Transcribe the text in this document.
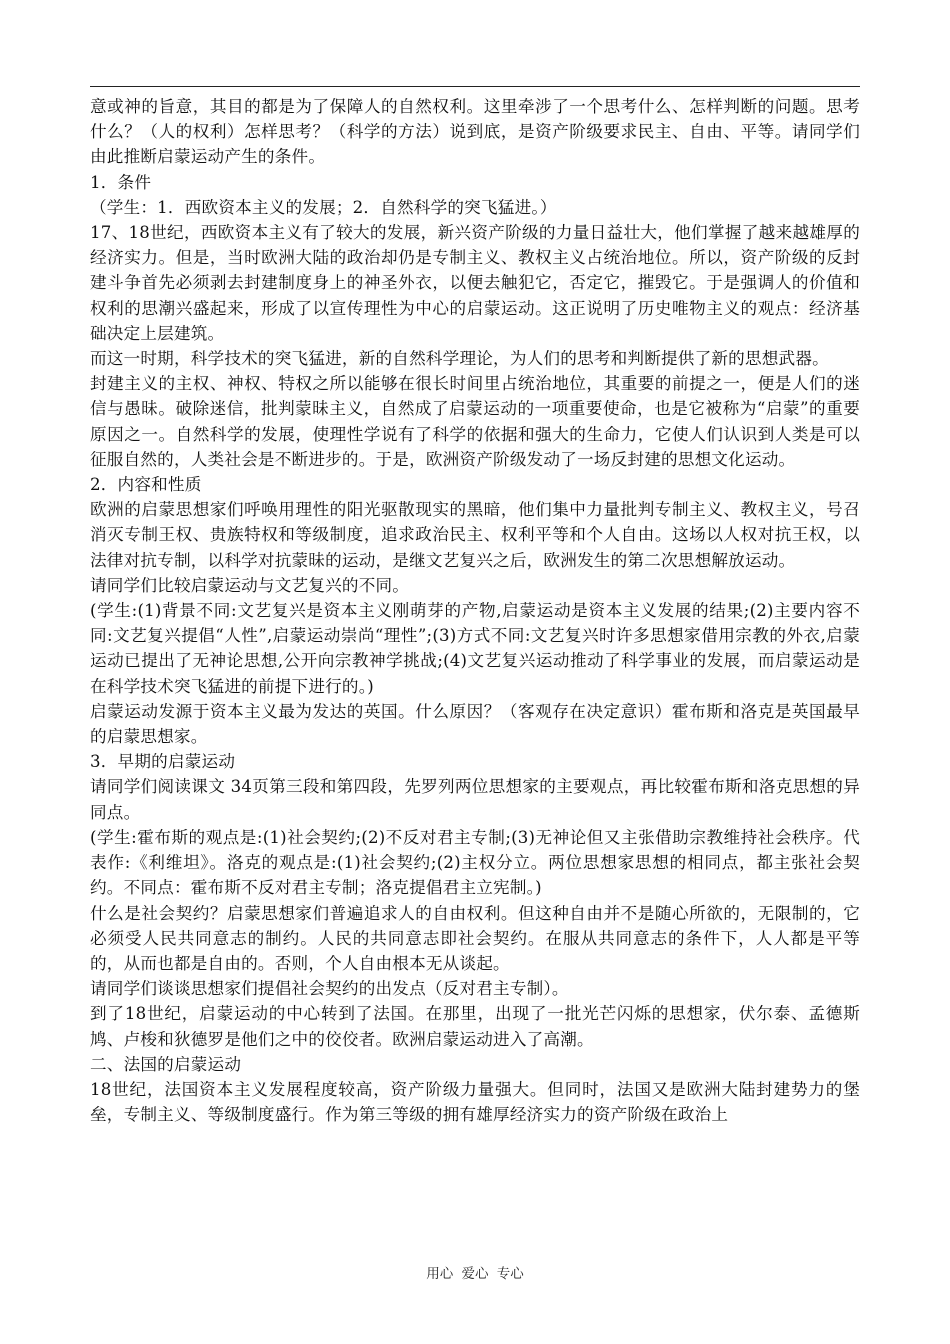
意或神的旨意，其目的都是为了保障人的自然权利。这里牵涉了一个思考什么、怎样判断的问题。思考什么？（人的权利）怎样思考？（科学的方法）说到底，是资产阶级要求民主、自由、平等。请同学们由此推断启蒙运动产生的条件。

1．条件

（学生：1．西欧资本主义的发展；2．自然科学的突飞猛进。）

17、18世纪，西欧资本主义有了较大的发展，新兴资产阶级的力量日益壮大，他们掌握了越来越雄厚的经济实力。但是，当时欧洲大陆的政治却仍是专制主义、教权主义占统治地位。所以，资产阶级的反封建斗争首先必须剥去封建制度身上的神圣外衣，以便去触犯它，否定它，摧毁它。于是强调人的价值和权利的思潮兴盛起来，形成了以宣传理性为中心的启蒙运动。这正说明了历史唯物主义的观点：经济基础决定上层建筑。

而这一时期，科学技术的突飞猛进，新的自然科学理论，为人们的思考和判断提供了新的思想武器。

封建主义的主权、神权、特权之所以能够在很长时间里占统治地位，其重要的前提之一，便是人们的迷信与愚昧。破除迷信，批判蒙昧主义，自然成了启蒙运动的一项重要使命，也是它被称为“启蒙”的重要原因之一。自然科学的发展，使理性学说有了科学的依据和强大的生命力，它使人们认识到人类是可以征服自然的，人类社会是不断进步的。于是，欧洲资产阶级发动了一场反封建的思想文化运动。

2．内容和性质

欧洲的启蒙思想家们呼唤用理性的阳光驱散现实的黑暗，他们集中力量批判专制主义、教权主义，号召消灭专制王权、贵族特权和等级制度，追求政治民主、权利平等和个人自由。这场以人权对抗王权，以法律对抗专制，以科学对抗蒙昧的运动，是继文艺复兴之后，欧洲发生的第二次思想解放运动。

请同学们比较启蒙运动与文艺复兴的不同。

(学生:(1)背景不同:文艺复兴是资本主义刚萌芽的产物,启蒙运动是资本主义发展的结果;(2)主要内容不同:文艺复兴提倡“人性”,启蒙运动崇尚“理性”;(3)方式不同:文艺复兴时许多思想家借用宗教的外衣,启蒙运动已提出了无神论思想,公开向宗教神学挑战;(4)文艺复兴运动推动了科学事业的发展，而启蒙运动是在科学技术突飞猛进的前提下进行的。)

启蒙运动发源于资本主义最为发达的英国。什么原因？（客观存在决定意识）霍布斯和洛克是英国最早的启蒙思想家。

3．早期的启蒙运动

请同学们阅读课文 34页第三段和第四段，先罗列两位思想家的主要观点，再比较霍布斯和洛克思想的异同点。

(学生:霍布斯的观点是:(1)社会契约;(2)不反对君主专制;(3)无神论但又主张借助宗教维持社会秩序。代表作:《利维坦》。洛克的观点是:(1)社会契约;(2)主权分立。两位思想家思想的相同点，都主张社会契约。不同点：霍布斯不反对君主专制；洛克提倡君主立宪制。)

什么是社会契约？启蒙思想家们普遍追求人的自由权利。但这种自由并不是随心所欲的，无限制的，它必须受人民共同意志的制约。人民的共同意志即社会契约。在服从共同意志的条件下，人人都是平等的，从而也都是自由的。否则，个人自由根本无从谈起。

请同学们谈谈思想家们提倡社会契约的出发点（反对君主专制）。

到了18世纪，启蒙运动的中心转到了法国。在那里，出现了一批光芒闪烁的思想家，伏尔泰、孟德斯鸠、卢梭和狄德罗是他们之中的佼佼者。欧洲启蒙运动进入了高潮。

二、法国的启蒙运动

18世纪，法国资本主义发展程度较高，资产阶级力量强大。但同时，法国又是欧洲大陆封建势力的堡垒，专制主义、等级制度盛行。作为第三等级的拥有雄厚经济实力的资产阶级在政治上

用心 爱心 专心
